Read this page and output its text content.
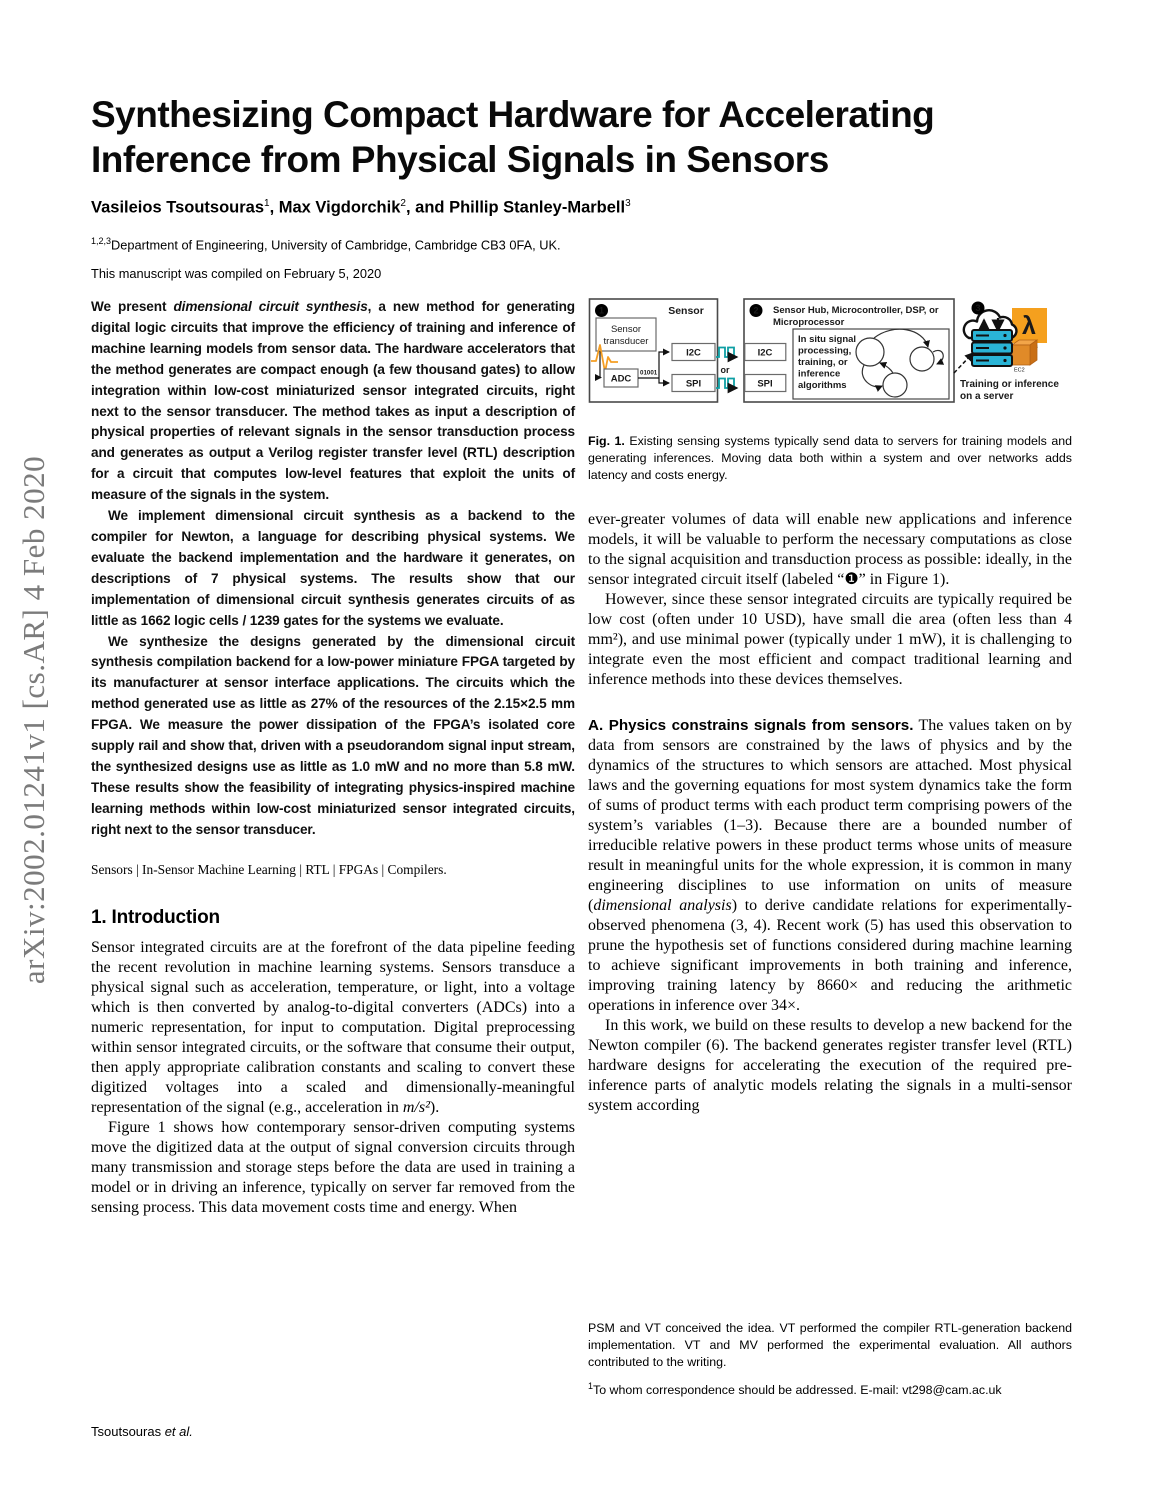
arXiv:2002.01241v1 [cs.AR] 4 Feb 2020
Synthesizing Compact Hardware for Accelerating
Inference from Physical Signals in Sensors
Vasileios Tsoutsouras$^1$, Max Vigdorchik$^2$, and Phillip Stanley-Marbell$^3$
$^{1,2,3}$Department of Engineering, University of Cambridge, Cambridge CB3 0FA, UK.
This manuscript was compiled on February 5, 2020

We present dimensional circuit synthesis, a new method for generating digital logic circuits that improve the efficiency of training and inference of machine learning models from sensor data. The hardware accelerators that the method generates are compact enough (a few thousand gates) to allow integration within low-cost miniaturized sensor integrated circuits, right next to the sensor transducer. The method takes as input a description of physical properties of relevant signals in the sensor transduction process and generates as output a Verilog register transfer level (RTL) description for a circuit that computes low-level features that exploit the units of measure of the signals in the system.

We implement dimensional circuit synthesis as a backend to the compiler for Newton, a language for describing physical systems. We evaluate the backend implementation and the hardware it generates, on descriptions of 7 physical systems. The results show that our implementation of dimensional circuit synthesis generates circuits of as little as 1662 logic cells / 1239 gates for the systems we evaluate.

We synthesize the designs generated by the dimensional circuit synthesis compilation backend for a low-power miniature FPGA targeted by its manufacturer at sensor interface applications. The circuits which the method generated use as little as 27% of the resources of the 2.15×2.5 mm FPGA. We measure the power dissipation of the FPGA’s isolated core supply rail and show that, driven with a pseudorandom signal input stream, the synthesized designs use as little as 1.0 mW and no more than 5.8 mW. These results show the feasibility of integrating physics-inspired machine learning methods within low-cost miniaturized sensor integrated circuits, right next to the sensor transducer.

Sensors | In-Sensor Machine Learning | RTL | FPGAs | Compilers.
1. Introduction

Sensor integrated circuits are at the forefront of the data pipeline feeding the recent revolution in machine learning systems. Sensors transduce a physical signal such as acceleration, temperature, or light, into a voltage which is then converted by analog-to-digital converters (ADCs) into a numeric representation, for input to computation. Digital preprocessing within sensor integrated circuits, or the software that consume their output, then apply appropriate calibration constants and scaling to convert these digitized voltages into a scaled and dimensionally-meaningful representation of the signal (e.g., acceleration in m/s²).

Figure 1 shows how contemporary sensor-driven computing systems move the digitized data at the output of signal conversion circuits through many transmission and storage steps before the data are used in training a model or in driving an inference, typically on server far removed from the sensing process. This data movement costs time and energy. When

1	Sensor
Sensor
transducer
ADC
01001
I2C
SPI
or
2 Sensor Hub, Microcontroller, DSP, or
Microprocessor
I2C
SPI
In situ signal
processing,
training, or
inference
algorithms
λ
EC2
3
Training or inference
on a server
Fig. 1. Existing sensing systems typically send data to servers for training models and generating inferences. Moving data both within a system and over networks adds latency and costs energy.

ever-greater volumes of data will enable new applications and inference models, it will be valuable to perform the necessary computations as close to the signal acquisition and transduction process as possible: ideally, in the sensor integrated circuit itself (labeled “❶” in Figure 1).

However, since these sensor integrated circuits are typically required be low cost (often under 10 USD), have small die area (often less than 4 mm²), and use minimal power (typically under 1 mW), it is challenging to integrate even the most efficient and compact traditional learning and inference methods into these devices themselves.

A. Physics constrains signals from sensors. The values taken on by data from sensors are constrained by the laws of physics and by the dynamics of the structures to which sensors are attached. Most physical laws and the governing equations for most system dynamics take the form of sums of product terms with each product term comprising powers of the system’s variables (1–3). Because there are a bounded number of irreducible relative powers in these product terms whose units of measure result in meaningful units for the whole expression, it is common in many engineering disciplines to use information on units of measure (dimensional analysis) to derive candidate relations for experimentally-observed phenomena (3, 4). Recent work (5) has used this observation to prune the hypothesis set of functions considered during machine learning to achieve significant improvements in both training and inference, improving training latency by 8660× and reducing the arithmetic operations in inference over 34×.

In this work, we build on these results to develop a new backend for the Newton compiler (6). The backend generates register transfer level (RTL) hardware designs for accelerating the execution of the required pre-inference parts of analytic models relating the signals in a multi-sensor system according

PSM and VT conceived the idea. VT performed the compiler RTL-generation backend implementation. VT and MV performed the experimental evaluation. All authors contributed to the writing.

$^1$To whom correspondence should be addressed. E-mail: vt298@cam.ac.uk

Tsoutsouras et al.
